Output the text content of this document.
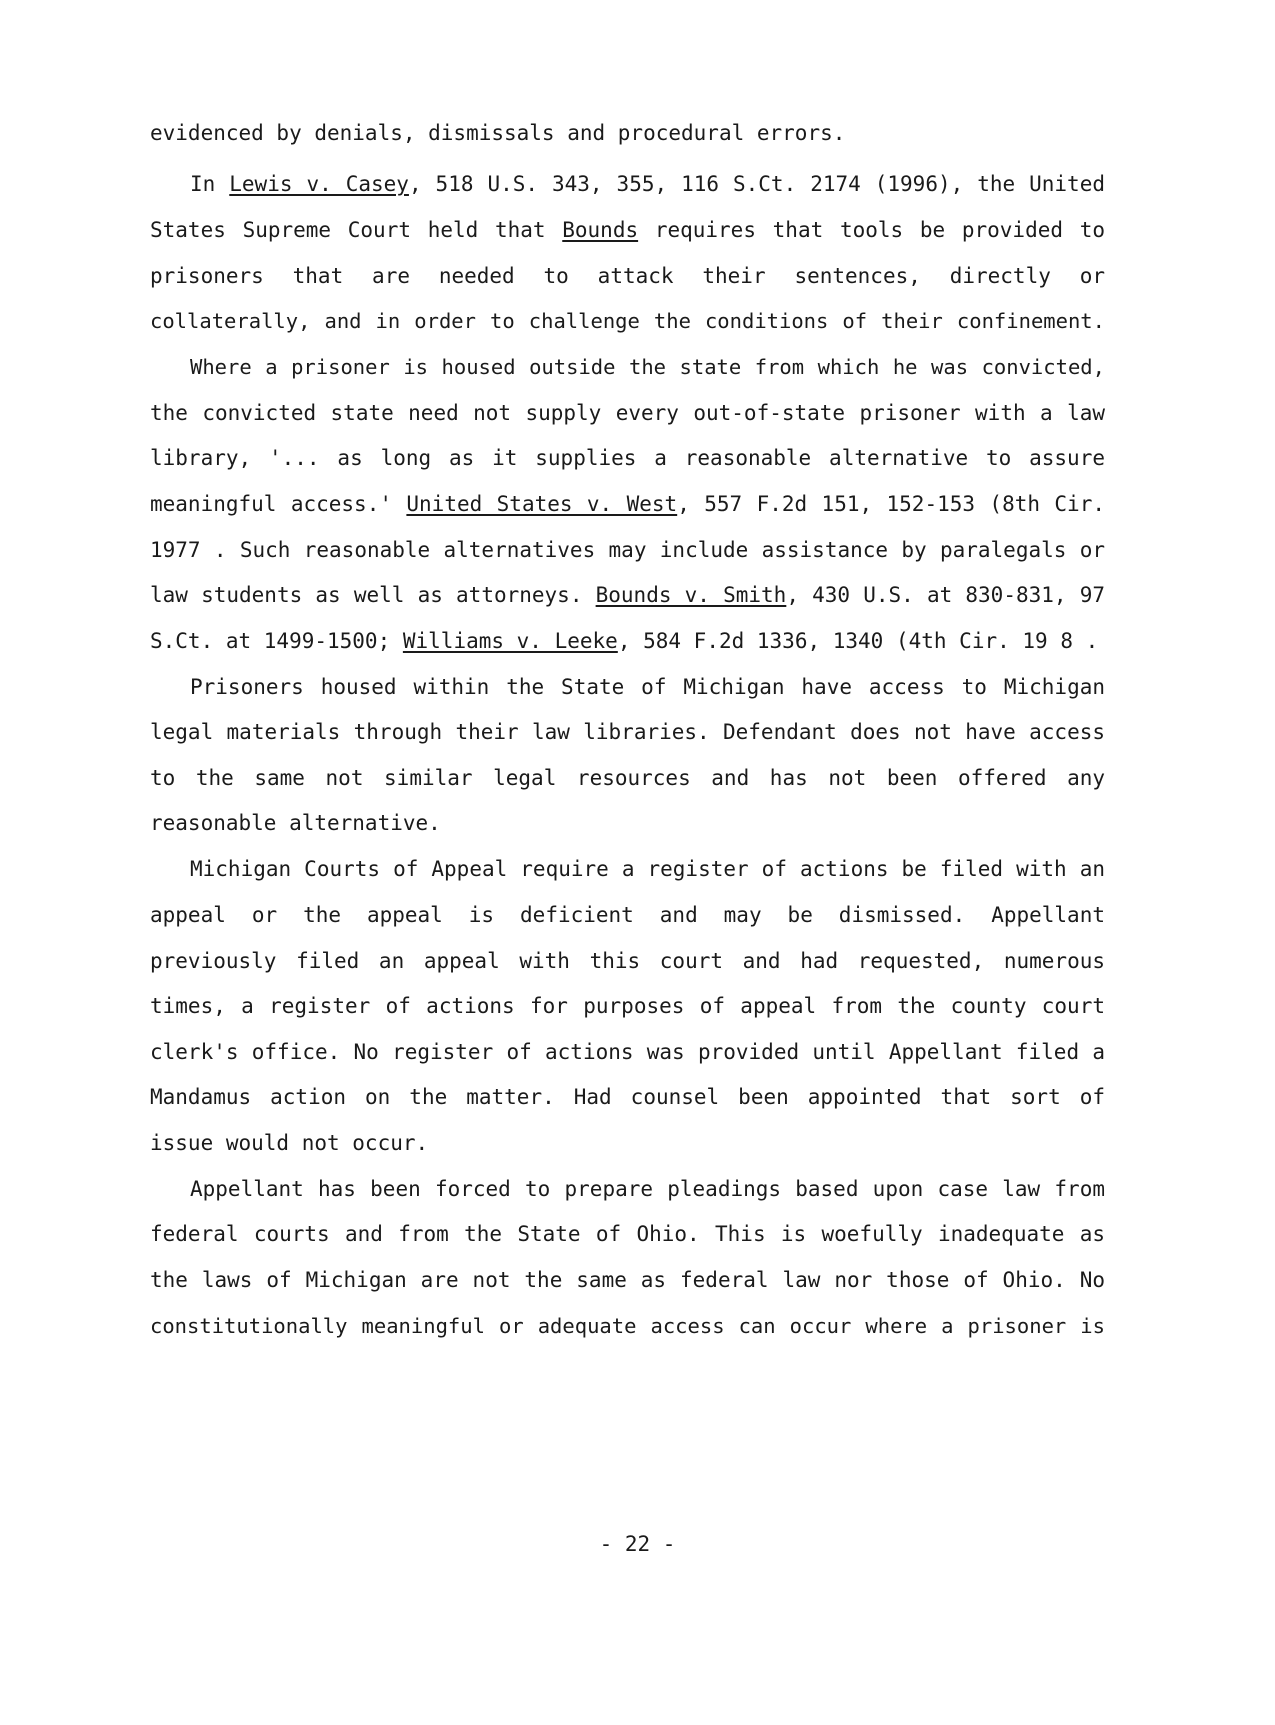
evidenced by denials, dismissals and procedural errors.
In Lewis v. Casey, 518 U.S. 343, 355, 116 S.Ct. 2174 (1996), the United
States Supreme Court held that Bounds requires that tools be provided to
prisoners that are needed to attack their sentences, directly or
collaterally, and in order to challenge the conditions of their confinement.
Where a prisoner is housed outside the state from which he was convicted,
the convicted state need not supply every out-of-state prisoner with a law
library, '... as long as it supplies a reasonable alternative to assure
meaningful access.' United States v. West, 557 F.2d 151, 152-153 (8th Cir.
1977 . Such reasonable alternatives may include assistance by paralegals or
law students as well as attorneys. Bounds v. Smith, 430 U.S. at 830-831, 97
S.Ct. at 1499-1500; Williams v. Leeke, 584 F.2d 1336, 1340 (4th Cir. 19 8 .
Prisoners housed within the State of Michigan have access to Michigan
legal materials through their law libraries. Defendant does not have access
to the same not similar legal resources and has not been offered any
reasonable alternative.
Michigan Courts of Appeal require a register of actions be filed with an
appeal or the appeal is deficient and may be dismissed. Appellant
previously filed an appeal with this court and had requested, numerous
times, a register of actions for purposes of appeal from the county court
clerk's office. No register of actions was provided until Appellant filed a
Mandamus action on the matter. Had counsel been appointed that sort of
issue would not occur.
Appellant has been forced to prepare pleadings based upon case law from
federal courts and from the State of Ohio. This is woefully inadequate as
the laws of Michigan are not the same as federal law nor those of Ohio. No
constitutionally meaningful or adequate access can occur where a prisoner is
- 22 -
